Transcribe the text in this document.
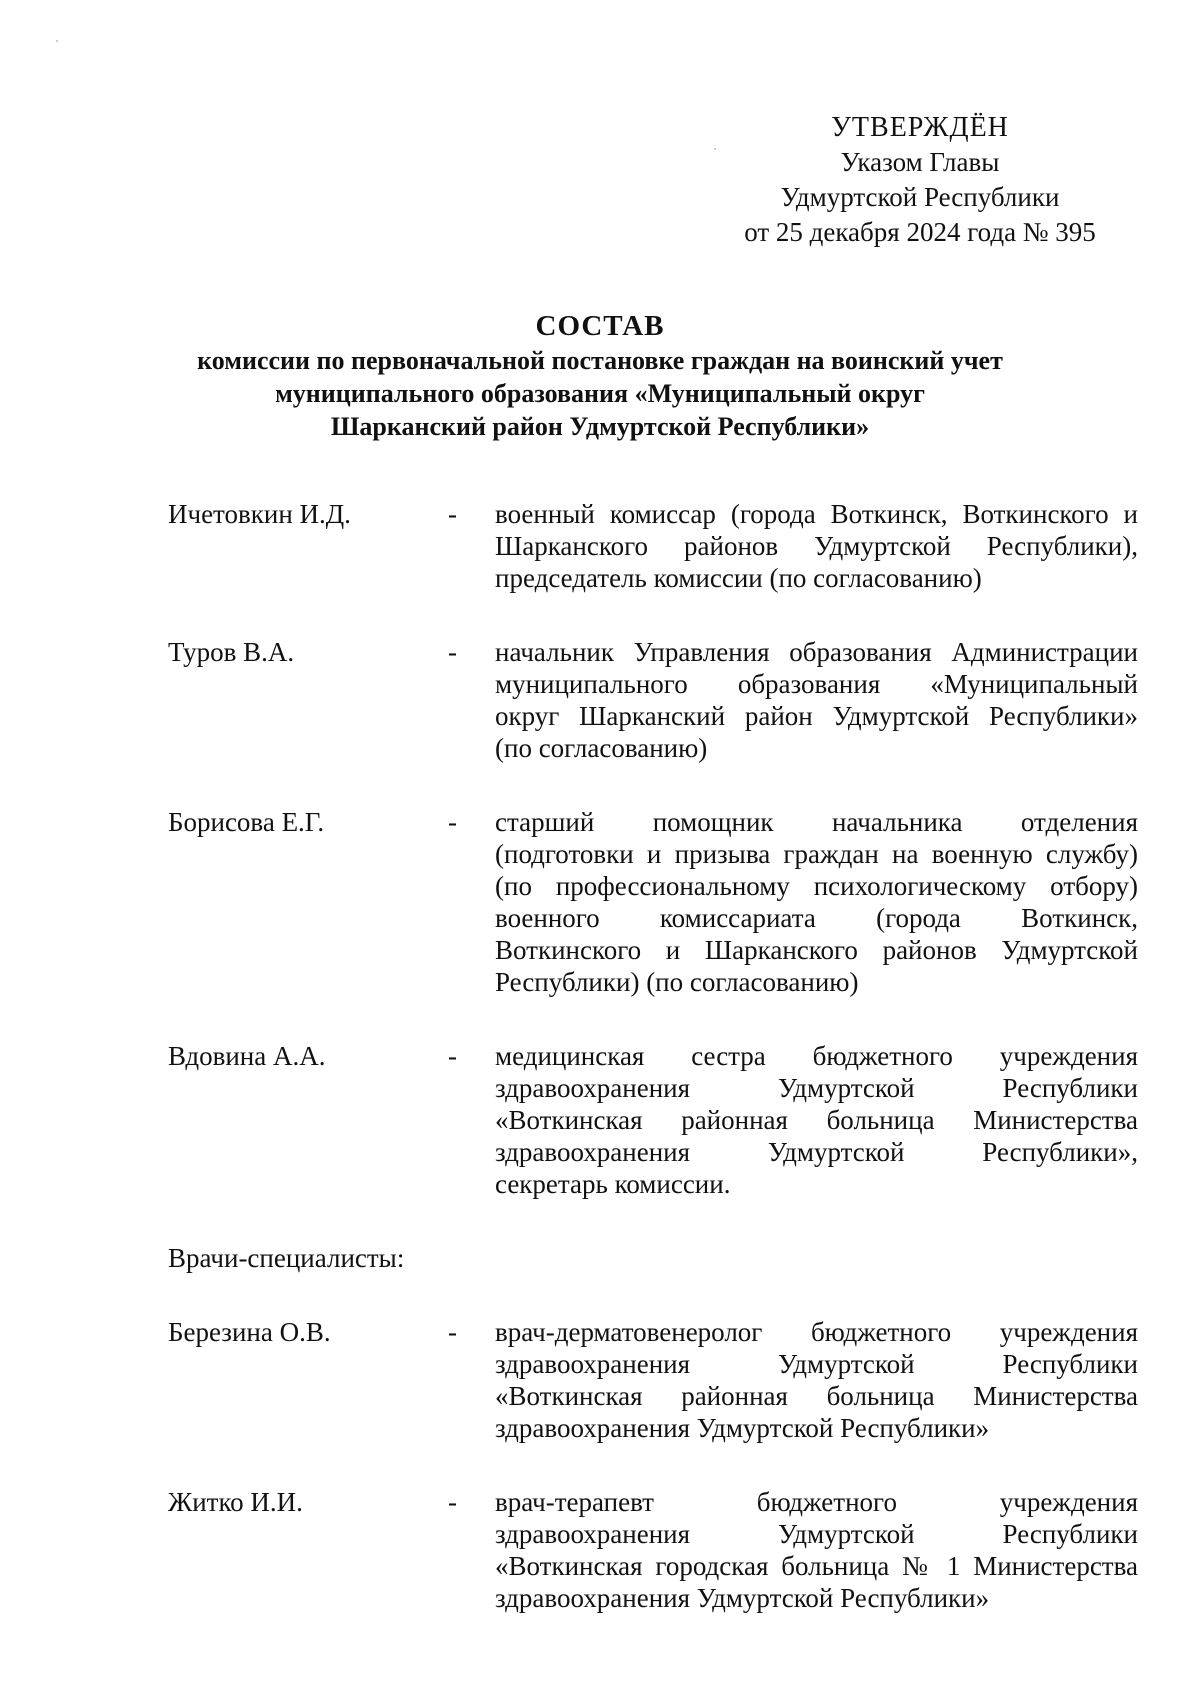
УТВЕРЖДЁН
Указом Главы
Удмуртской Республики
от 25 декабря 2024 года № 395
СОСТАВ
комиссии по первоначальной постановке граждан на воинский учет
муниципального образования «Муниципальный округ
Шарканский район Удмуртской Республики»
Ичетовкин И.Д.	-	военный комиссар (города Воткинск, Воткинского и
Шарканского районов Удмуртской Республики),
председатель комиссии (по согласованию)
Туров В.А.	-	начальник Управления образования Администрации
муниципального образования «Муниципальный
округ Шарканский район Удмуртской Республики»
(по согласованию)
Борисова Е.Г.	-	старший помощник начальника отделения
(подготовки и призыва граждан на военную службу)
(по профессиональному психологическому отбору)
военного комиссариата (города Воткинск,
Воткинского и Шарканского районов Удмуртской
Республики) (по согласованию)
Вдовина А.А.	-	медицинская сестра бюджетного учреждения
здравоохранения Удмуртской Республики
«Воткинская районная больница Министерства
здравоохранения Удмуртской Республики»,
секретарь комиссии.
Врачи-специалисты:
Березина О.В.	-	врач-дерматовенеролог бюджетного учреждения
здравоохранения Удмуртской Республики
«Воткинская районная больница Министерства
здравоохранения Удмуртской Республики»
Житко И.И.	-	врач-терапевт бюджетного учреждения
здравоохранения Удмуртской Республики
«Воткинская городская больница № 1 Министерства
здравоохранения Удмуртской Республики»
